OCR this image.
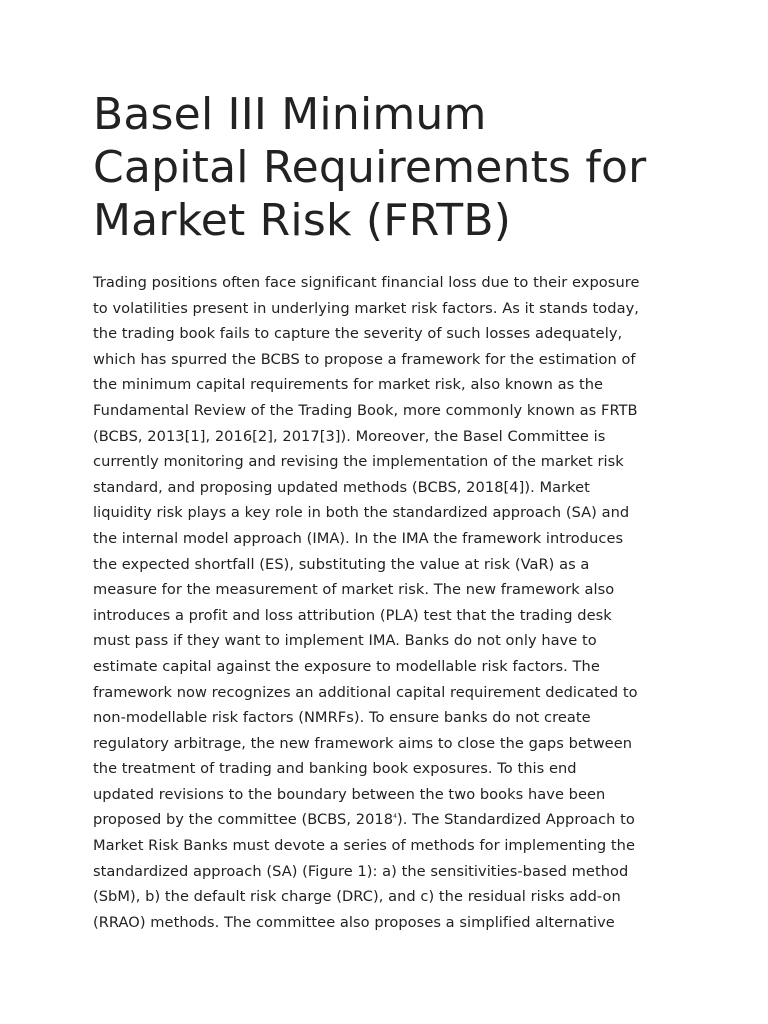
Basel III Minimum
Capital Requirements for
Market Risk (FRTB)
Trading positions often face significant financial loss due to their exposure
to volatilities present in underlying market risk factors. As it stands today,
the trading book fails to capture the severity of such losses adequately,
which has spurred the BCBS to propose a framework for the estimation of
the minimum capital requirements for market risk, also known as the
Fundamental Review of the Trading Book, more commonly known as FRTB
(BCBS, 2013[1], 2016[2], 2017[3]). Moreover, the Basel Committee is
currently monitoring and revising the implementation of the market risk
standard, and proposing updated methods (BCBS, 2018[4]). Market
liquidity risk plays a key role in both the standardized approach (SA) and
the internal model approach (IMA). In the IMA the framework introduces
the expected shortfall (ES), substituting the value at risk (VaR) as a
measure for the measurement of market risk. The new framework also
introduces a profit and loss attribution (PLA) test that the trading desk
must pass if they want to implement IMA. Banks do not only have to
estimate capital against the exposure to modellable risk factors. The
framework now recognizes an additional capital requirement dedicated to
non-modellable risk factors (NMRFs). To ensure banks do not create
regulatory arbitrage, the new framework aims to close the gaps between
the treatment of trading and banking book exposures. To this end
updated revisions to the boundary between the two books have been
proposed by the committee (BCBS, 2018$^4$). The Standardized Approach to
Market Risk Banks must devote a series of methods for implementing the
standardized approach (SA) (Figure 1): a) the sensitivities-based method
(SbM), b) the default risk charge (DRC), and c) the residual risks add-on
(RRAO) methods. The committee also proposes a simplified alternative
